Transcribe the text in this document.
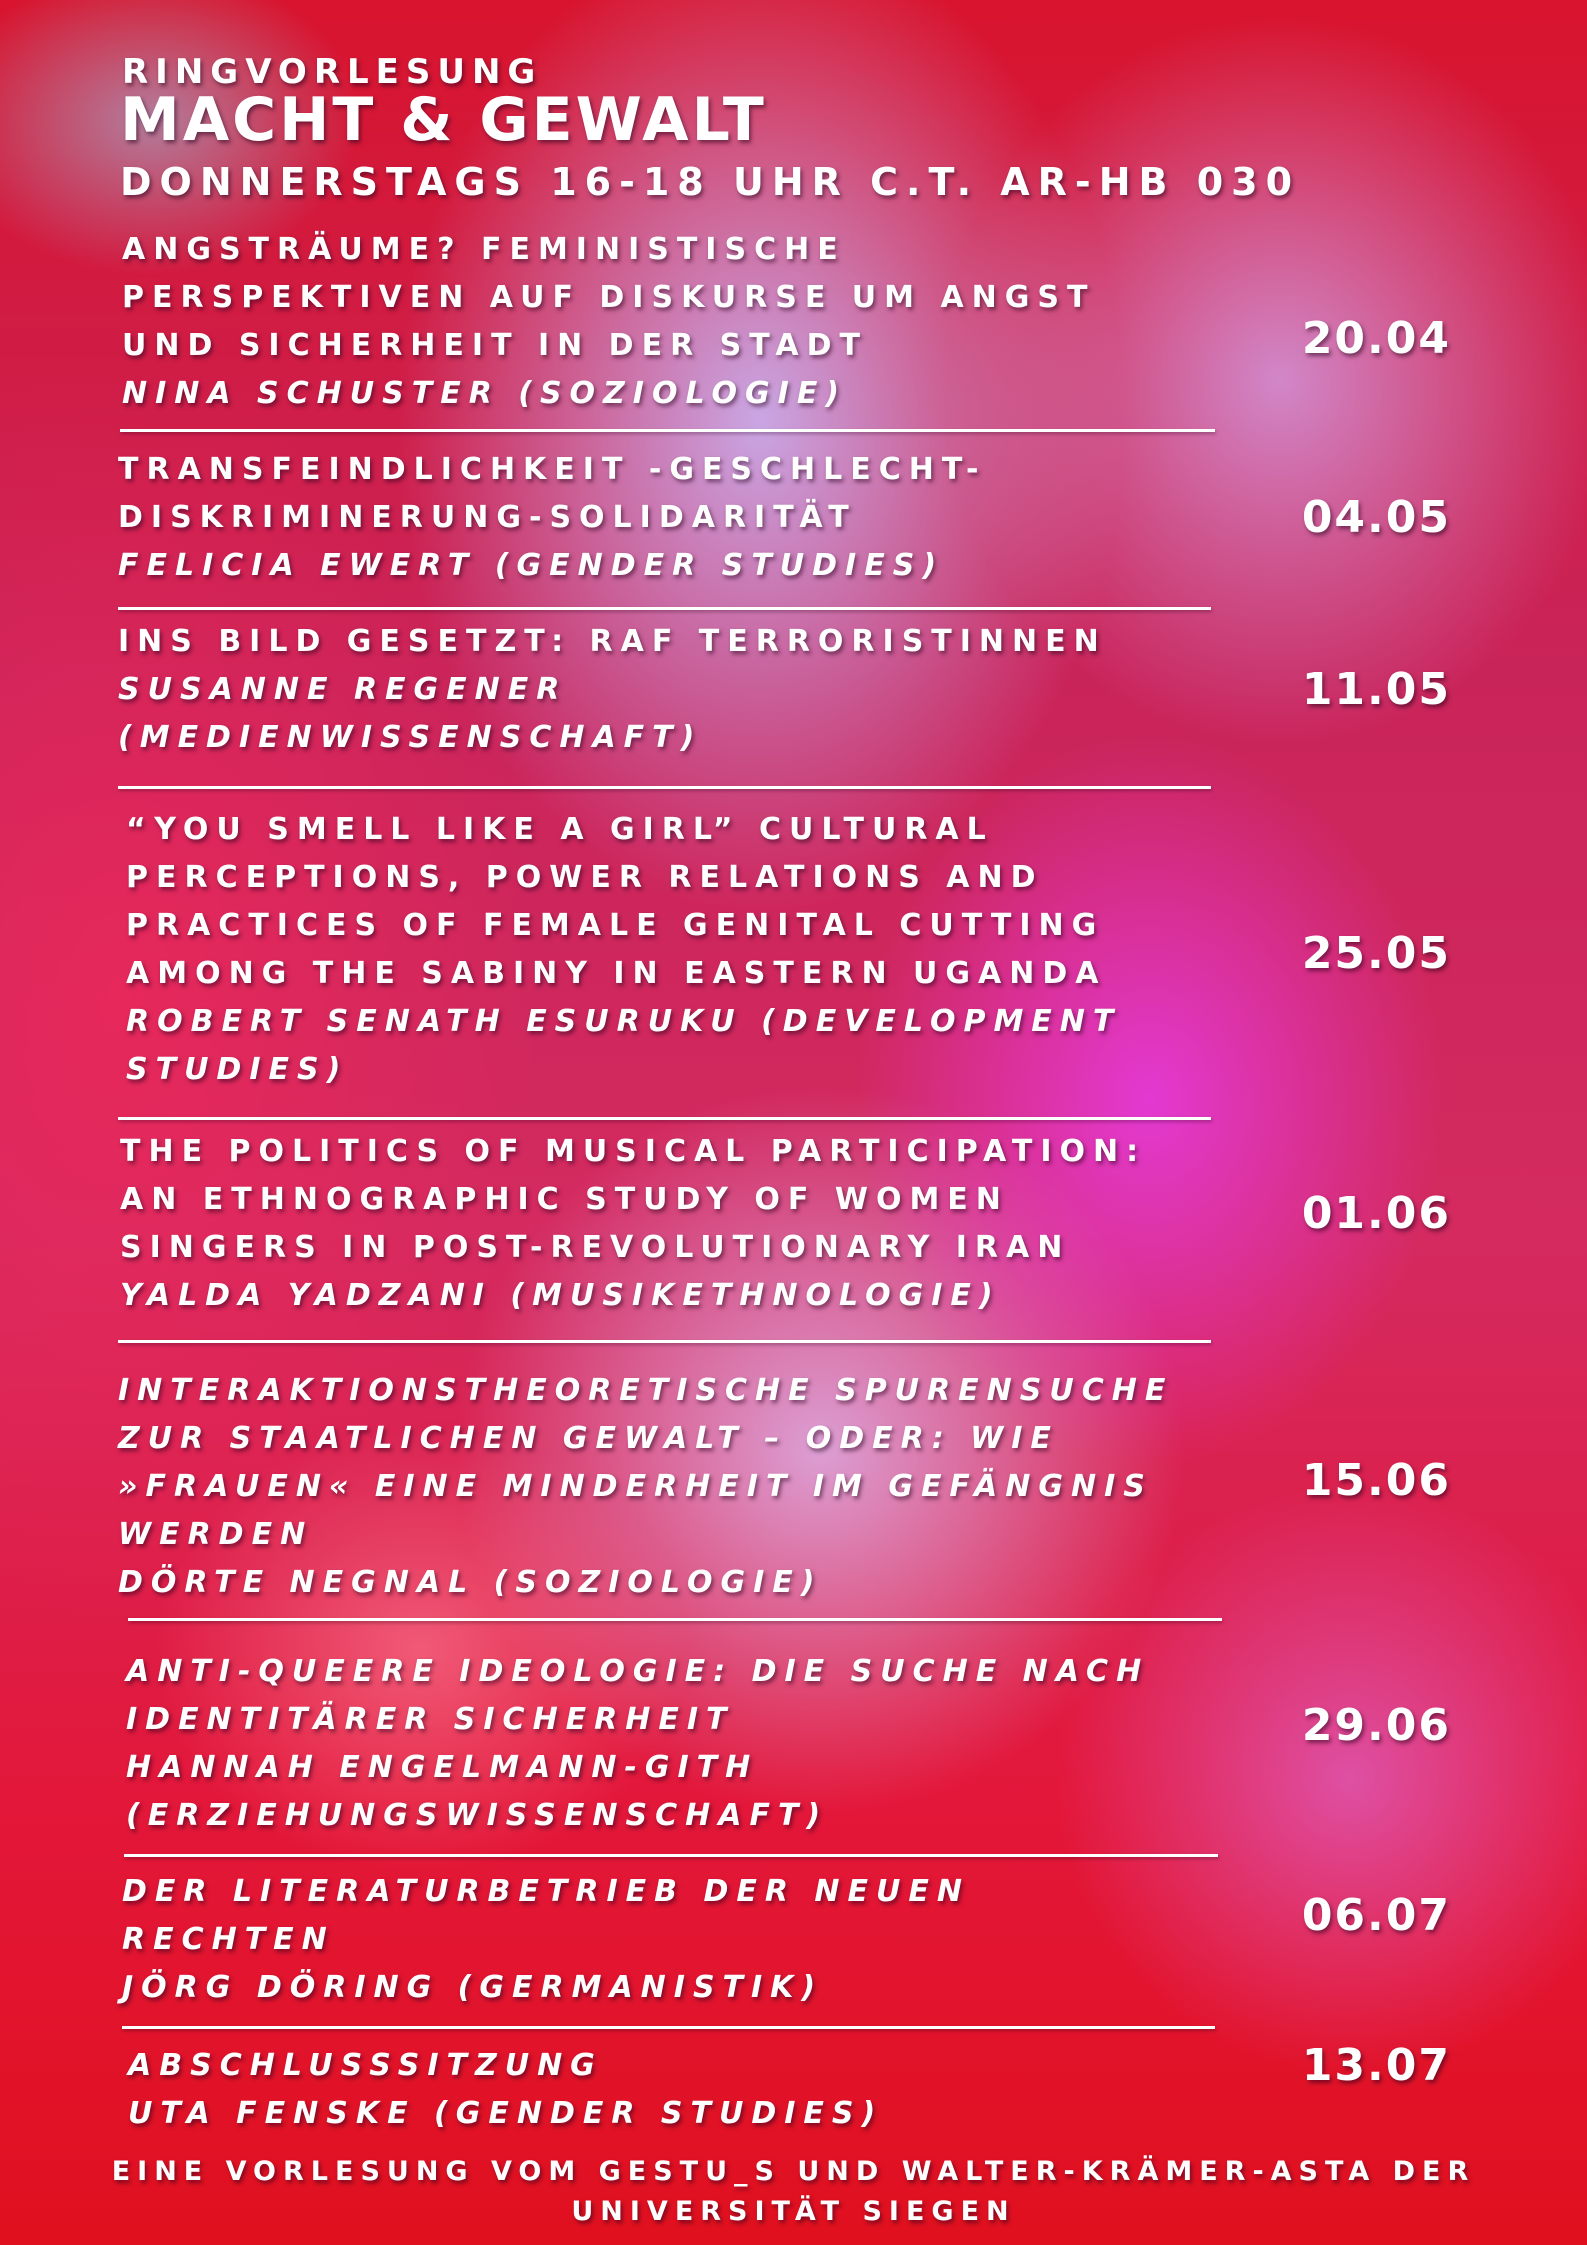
RINGVORLESUNG
MACHT & GEWALT
DONNERSTAGS 16-18 UHR C.T. AR-HB 030
ANGSTRÄUME? FEMINISTISCHE
PERSPEKTIVEN AUF DISKURSE UM ANGST
UND SICHERHEIT IN DER STADT
NINA SCHUSTER (SOZIOLOGIE)
20.04
TRANSFEINDLICHKEIT -GESCHLECHT-
DISKRIMINERUNG-SOLIDARITÄT
FELICIA EWERT (GENDER STUDIES)
04.05
INS BILD GESETZT: RAF TERRORISTINNEN
SUSANNE REGENER
(MEDIENWISSENSCHAFT)
11.05
“YOU SMELL LIKE A GIRL” CULTURAL
PERCEPTIONS, POWER RELATIONS AND
PRACTICES OF FEMALE GENITAL CUTTING
AMONG THE SABINY IN EASTERN UGANDA
ROBERT SENATH ESURUKU (DEVELOPMENT
STUDIES)
25.05
THE POLITICS OF MUSICAL PARTICIPATION:
AN ETHNOGRAPHIC STUDY OF WOMEN
SINGERS IN POST-REVOLUTIONARY IRAN
YALDA YADZANI (MUSIKETHNOLOGIE)
01.06
INTERAKTIONSTHEORETISCHE SPURENSUCHE
ZUR STAATLICHEN GEWALT – ODER: WIE
»FRAUEN« EINE MINDERHEIT IM GEFÄNGNIS
WERDEN
DÖRTE NEGNAL (SOZIOLOGIE)
15.06
ANTI-QUEERE IDEOLOGIE: DIE SUCHE NACH
IDENTITÄRER SICHERHEIT
HANNAH ENGELMANN-GITH
(ERZIEHUNGSWISSENSCHAFT)
29.06
DER LITERATURBETRIEB DER NEUEN
RECHTEN
JÖRG DÖRING (GERMANISTIK)
06.07
ABSCHLUSSSITZUNG
UTA FENSKE (GENDER STUDIES)
13.07
EINE VORLESUNG VOM GESTU_S UND WALTER-KRÄMER-ASTA DER
UNIVERSITÄT SIEGEN
